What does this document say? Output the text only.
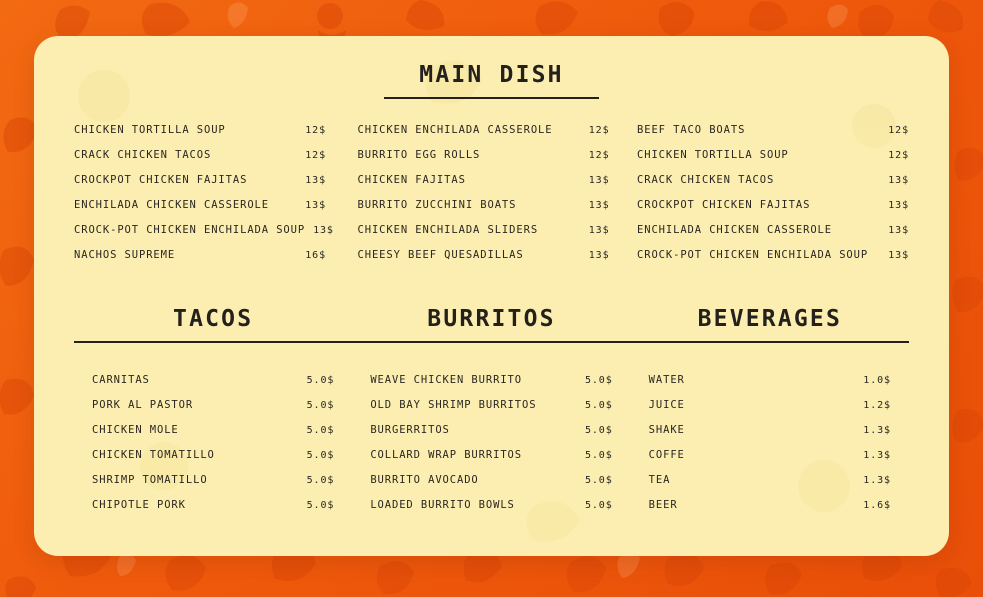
MAIN DISH
CHICKEN TORTILLA SOUP	12$
CRACK CHICKEN TACOS	12$
CROCKPOT CHICKEN FAJITAS	13$
ENCHILADA CHICKEN CASSEROLE	13$
CROCK-POT CHICKEN ENCHILADA SOUP 13$
NACHOS SUPREME	16$
CHICKEN ENCHILADA CASSEROLE	12$
BURRITO EGG ROLLS	12$
CHICKEN FAJITAS	13$
BURRITO ZUCCHINI BOATS	13$
CHICKEN ENCHILADA SLIDERS	13$
CHEESY BEEF QUESADILLAS	13$
BEEF TACO BOATS	12$
CHICKEN TORTILLA SOUP	12$
CRACK CHICKEN TACOS	13$
CROCKPOT CHICKEN FAJITAS	13$
ENCHILADA CHICKEN CASSEROLE	13$
CROCK-POT CHICKEN ENCHILADA SOUP	13$
TACOS
CARNITAS	5.0$
PORK AL PASTOR	5.0$
CHICKEN MOLE	5.0$
CHICKEN TOMATILLO	5.0$
SHRIMP TOMATILLO	5.0$
CHIPOTLE PORK	5.0$
BURRITOS
WEAVE CHICKEN BURRITO	5.0$
OLD BAY SHRIMP BURRITOS	5.0$
BURGERRITOS	5.0$
COLLARD WRAP BURRITOS	5.0$
BURRITO AVOCADO	5.0$
LOADED BURRITO BOWLS	5.0$
BEVERAGES
WATER	1.0$
JUICE	1.2$
SHAKE	1.3$
COFFE	1.3$
TEA	1.3$
BEER	1.6$
